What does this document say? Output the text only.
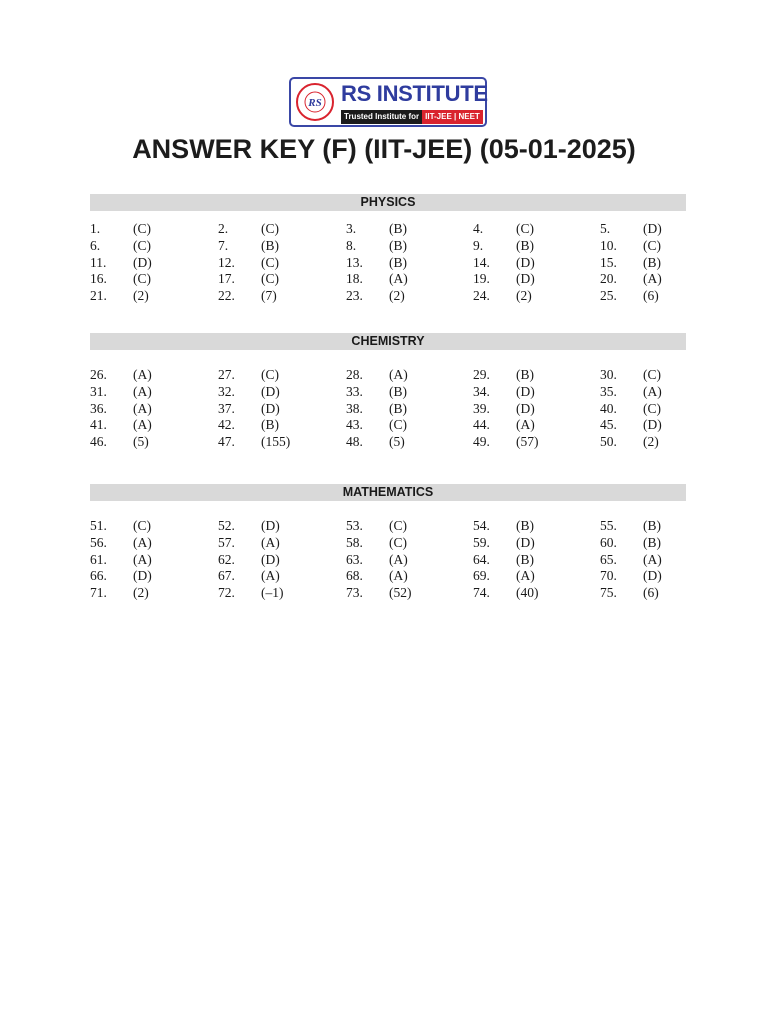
RS RS INSTITUTE
Trusted Institute for IIT-JEE | NEET
ANSWER KEY (F) (IIT-JEE) (05-01-2025)
PHYSICS
1. (C)	2. (C)	3. (B)	4. (C)	5. (D)
6. (C)	7. (B)	8. (B)	9. (B)	10. (C)
11. (D)	12. (C)	13. (B)	14. (D)	15. (B)
16. (C)	17. (C)	18. (A)	19. (D)	20. (A)
21. (2)	22. (7)	23. (2)	24. (2)	25. (6)
CHEMISTRY
26. (A)	27. (C)	28. (A)	29. (B)	30. (C)
31. (A)	32. (D)	33. (B)	34. (D)	35. (A)
36. (A)	37. (D)	38. (B)	39. (D)	40. (C)
41. (A)	42. (B)	43. (C)	44. (A)	45. (D)
46. (5)	47. (155)	48. (5)	49. (57)	50. (2)
MATHEMATICS
51. (C)	52. (D)	53. (C)	54. (B)	55. (B)
56. (A)	57. (A)	58. (C)	59. (D)	60. (B)
61. (A)	62. (D)	63. (A)	64. (B)	65. (A)
66. (D)	67. (A)	68. (A)	69. (A)	70. (D)
71. (2)	72. (–1)	73. (52)	74. (40)	75. (6)
